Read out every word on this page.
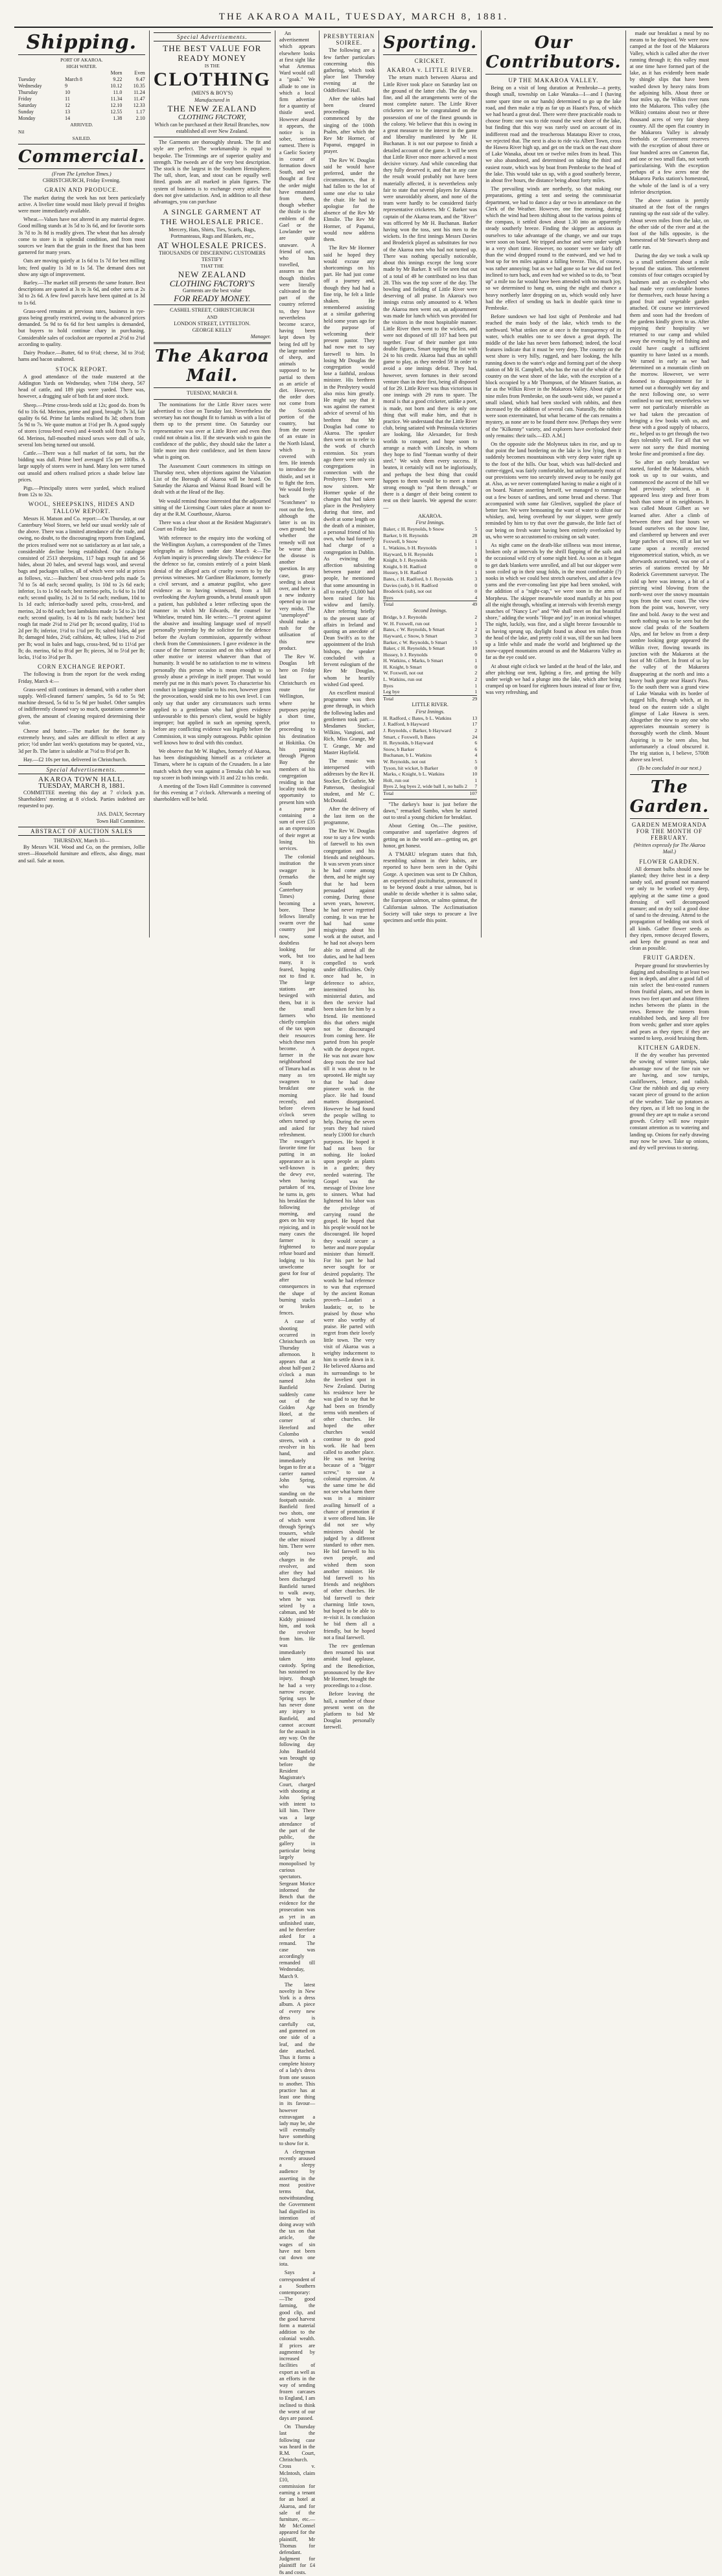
THE AKAROA MAIL, TUESDAY, MARCH 8, 1881.
Shipping.
PORT OF AKAROA.
HIGH WATER.
		Morn	Even
Tuesday	March 8	9.22	9.47
Wednesday	9	10.12	10.35
Thursday	10	11.0	11.24
Friday	11	11.34	11.47
Saturday	12	12.10	12.33
Sunday	13	12.55	1.17
Monday	14	1.38	2.10
ARRIVED.
Nil
SAILED.
Commercial.
(From The Lyttelton Times.)
CHRISTCHURCH, Friday Evening.
GRAIN AND PRODUCE.

The market during the week has not been particularly active. A livelier time would most likely prevail if freights were more immediately available.

Wheat.—Values have not altered in any material degree. Good milling stands at 3s 5d to 3s 6d, and for favorite sorts 3s 7d to 3s 8d is readily given. The wheat that has already come to store is in splendid condition, and from most sources we learn that the grain in the finest that has been garnered for many years.

Oats are moving quietly at 1s 6d to 1s 7d for best milling lots; feed quality 1s 3d to 1s 5d. The demand does not show any sign of improvement.

Barley.—The market still presents the same feature. Best descriptions are quoted at 3s to 3s 6d, and other sorts at 2s 3d to 2s 6d. A few fowl parcels have been quitted at 1s 3d to 1s 6d.

Grass-seed remains at previous rates, business in rye-grass being greatly restricted, owing to the advanced prices demanded. 5s 9d to 6s 6d for best samples is demanded, but buyers to hold continue chary in purchasing. Considerable sales of cocksfoot are reported at 2½d to 2¾d according to quality.

Dairy Produce.—Butter, 6d to 6½d; cheese, 3d to 3½d; hams and bacon unaltered.

STOCK REPORT.

A good attendance of the trade mustered at the Addington Yards on Wednesday, when 7184 sheep, 567 head of cattle, and 189 pigs were yarded. There was, however, a dragging sale of both fat and store stock.

Sheep.—Prime cross-breds sold at 12s; good do. from 9s 6d to 10s 6d. Merinos, prime and good, brought 7s 3d, fair quality 6s 6d. Prime fat lambs realised 8s 3d; others from 5s 9d to 7s. We quote mutton at 1½d per lb. A good supply of stores (cross-bred ewes) and 4-tooth sold from 7s to 7s 6d. Merinos, full-mouthed mixed sexes were dull of sale, several lots being turned out unsold.

Cattle.—There was a full market of fat sorts, but the bidding was dull. Prime beef averaged 15s per 100lbs. A large supply of stores were in hand. Many lots were turned out unsold and others realised prices a shade below late prices.

Pigs.—Principally stores were yarded, which realised from 12s to 32s.

WOOL, SHEEPSKINS, HIDES AND TALLOW REPORT.

Messrs H. Matson and Co. report:—On Thursday, at our Canterbury Wool Stores, we held our usual weekly sale of the above. There was a limited attendance of the trade, and owing, no doubt, to the discouraging reports from England, the prices realised were not so satisfactory as at last sale, a considerable decline being established. Our catalogue consisted of 2513 sheepskins, 117 bags rough fat and 56 hides, about 20 bales, and several bags wool, and several bags and packages tallow, all of which were sold at prices as follows, viz.:—Butchers' best cross-bred pelts made 5s 7d to 5s 4d each; second quality, 1s 10d to 2s 6d each; inferior, 1s to 1s 9d each; best merino pelts, 1s 6d to 1s 10d each; second quality, 1s 2d to 1s 5d each; medium, 10d to 1s 1d each; inferior-badly saved pelts, cross-bred, and merino, 2d to 8d each; best lambskins made 1s 5d to 2s 10d each; second quality, 1s 4d to 1s 8d each; butchers' best rough fat made 2½d to 2¾d per lb; second quality, 1½d to 2d per lb; inferior, 1½d to 1¾d per lb; salted hides, 4d per lb; damaged hides, 2¾d; calfskins, 4d; tallow, 1¾d to 2½d per lb; wool in bales and bags, cross-bred, 9d to 11½d per lb; do. merino, 6d to 8½d per lb; pieces, 3d to 5½d per lb; locks, 1½d to 3½d per lb.

CORN EXCHANGE REPORT.

The following is from the report for the week ending Friday, March 4:—

Grass-seed still continues in demand, with a rather short supply. Well-cleaned farmers' samples, 5s 6d to 5s 9d; machine dressed, 5s 6d to 5s 9d per bushel. Other samples of indifferently cleaned vary so much, quotations cannot be given, the amount of cleaning required determining their value.

Cheese and butter.—The market for the former is extremely heavy, and sales are difficult to effect at any price; ½d under last week's quotations may be quoted, viz., 3d per lb. The latter is saleable at 7½d to 8½d per lb.

Hay.—£2 10s per ton, delivered in Christchurch.

Special Advertisements.
AKAROA TOWN HALL.
TUESDAY, MARCH 8, 1881.

COMMITTEE meeting this day at 7 o'clock p.m. Shareholders' meeting at 8 o'clock. Parties indebted are requested to pay.

JAS. DALY, Secretary
Town Hall Committee.
ABSTRACT OF AUCTION SALES
THURSDAY, March 10—

By Messrs W.H. Wood and Co, on the premises, Jollie street—Household furniture and effects, also dingy, mast and sail. Sale at noon.

Special Advertisements.
THE BEST VALUE FOR READY MONEY
IS THE
CLOTHING
(MEN'S & BOY'S)
Manufactured in
THE NEW ZEALAND
CLOTHING FACTORY,
Which can be purchased at their Retail Branches, now established all over New Zealand.

The Garments are thoroughly shrunk. The fit and style are perfect. The workmanship is equal to bespoke. The Trimmings are of superior quality and strength. The tweeds are of the very best description. The stock is the largest in the Southern Hemisphere. The tall, short, lean, and stout can be equally well fitted. goods are all marked in plain figures. The system of business is to exchange every article that does not give satisfaction. And, in addition to all these advantages, you can purchase

A SINGLE GARMENT AT THE WHOLESALE PRICE.
Mercery, Hats, Shirts, Ties, Scarfs, Bags, Portmanteaus, Rugs and Blankets, etc.,
AT WHOLESALE PRICES.
THOUSANDS OF DISCERNING CUSTOMERS TESTIFY
THAT THE
NEW ZEALAND
CLOTHING FACTORY'S
Garments are the best value
FOR READY MONEY.
CASHEL STREET, CHRISTCHURCH
AND
LONDON STREET, LYTTELTON.
GEORGE KELLY
Manager.
The Akaroa Mail.
TUESDAY, MARCH 8.

The nominations for the Little River races were advertised to close on Tuesday last. Nevertheless the secretary has not thought fit to furnish us with a list of them up to the present time. On Saturday our representative was over at Little River and even then could not obtain a list. If the stewards wish to gain the confidence of the public, they should take the latter a little more into their confidence, and let them know what is going on.

The Assessment Court commences its sittings on Thursday next, when objections against the Valuation List of the Borough of Akaroa will be heard. On Saturday the Akaroa and Wainui Road Board will be dealt with at the Head of the Bay.

We would remind those interested that the adjourned sitting of the Licensing Court takes place at noon to-day at the R.M. Courthouse, Akaroa.

There was a clear shoot at the Resident Magistrate's Court on Friday last.

With reference to the enquiry into the working of the Wellington Asylum, a correspondent of the Times telegraphs as follows under date March 4:—The Asylum inquiry is proceeding slowly. The evidence for the defence so far, consists entirely of a point blank denial of the alleged acts of cruelty sworn to by the previous witnesses. Mr Gardiner Blackmore, formerly a civil servant, and a amateur pugilist, who gave evidence as to having witnessed, from a hill overlooking the Asylum grounds, a brutal assault upon a patient, has published a letter reflecting upon the manner in which Mr Edwards, the counsel for Whitelaw, treated him. He writes:—"I protest against the abusive and insulting language used of myself personally yesterday by the solicitor for the defence before the Asylum commission, apparently without check from the Commissioners. I gave evidence in the cause of the former occasion and on this without any other motive or interest whatever than that of humanity. It would be no satisfaction to me to witness personally this person who is mean enough to so grossly abuse a privilege in itself proper. That would merely put me in this man's power. To characterise his conduct in language similar to his own, however gross the provocation, would sink me to his own level. I can only say that under any circumstances such terms applied to a gentleman who had given evidence unfavourable to this person's client, would be highly improper; but applied in such an opening speech, before any conflicting evidence was legally before the Commission, it was simply outrageous. Public opinion well knows how to deal with this conduct.

We observe that Mr W. Hughes, formerly of Akaroa, has been distinguishing himself as a cricketer at Timaru, where he is captain of the Crusaders. In a late match which they won against a Temuka club he was top scorer in both innings with 31 and 22 to his credit.

A meeting of the Town Hall Committee is convened for this evening at 7 o'clock. Afterwards a meeting of shareholders will be held.

An advertisement which appears elsewhere looks at first sight like what Artemus Ward would call a "goak." We allude to one in which a local firm advertise for a quantity of thistle seed. However absurd it appears, the notice is in sober, serious earnest. There is a Gaelic Society in course of formation down South, and we thought at first the order might have emanated from them, though whether the thistle is the emblem of the Gael or the Lowlander we are quite unaware. A friend of ours, who has travelled, assures us that though thistles were literally cultivated in the part of the country referred to, they have nevertheless become scarce, having been kept down by being fed off by the large number of sheep, and animals supposed to be partial to them as an article of diet. However, the order does not come from the Scottish portion of the country, but from the owner of an estate in the North Island, which is covered with fern. He intends to introduce the thistle, and set it to fight the fern. We would freely back the "Scotchmen" to root out the fern, although the latter is on its own ground; but whether the remedy will not be worse than the disease is another question. In any case, grass-seeding is about over, and here is a new industry opened up in our very midst. The "unemployed" should make a rush for the utilisation of this new product.

The Rev W. Douglas left here on Friday last for Christchurch en route for Wellington, where he purposes paying a short time, prior to proceeding to his destination at Hokitika. On his passing through Pigeon Bay the members of his congregation residing in that locality took the opportunity to present him with a purse containing a sum of over £35 as an expression of their regret at losing his services.

The colonial institution the swagger is (remarks the South Canterbury Times) becoming a bore. These fellows literally swarm over the country just now, some doubtless looking for work, but too many, it is feared, hoping not to find it. The large stations are besieged with them, but it is the small farmers who chiefly complain of the tax upon their resources which these men become. A farmer in the neighbourhood of Timaru had as many as ten swagmen to breakfast one morning recently, and before eleven o'clock seven others turned up and asked for refreshment. The swagger's favorite time for putting in an appearance as is well-known is the dewy eve, when having partaken of tea, he turns in, gets his breakfast the following morning, and goes on his way rejoicing, and in many cases the farmer is frightened to refuse board and lodging to his unwelcome guest for fear of after consequences in the shape of burning stacks or broken fences.

A case of shooting occurred in Christchurch on Thursday afternoon. It appears that at about half-past 2 o'clock a man named John Banfield suddenly came out of the Golden Age Hotel, at the corner of Hereford and Colombo streets, with a revolver in his hand, and immediately began to fire at a carrier named John Spring, who was standing on the footpath outside. Banfield fired two shots, one of which went through Spring's trousers, while the other missed him. There were only two charges in the revolver, and after they had been discharged Banfield turned to walk away, when he was seized by a cabman, and Mr Kiddy pinioned him, and took the revolver from him. He was immediately taken into custody. Spring has sustained no injury, though he had a very narrow escape. Spring says he has never done any injury to Banfield, and cannot account for the assault in any way. On the following day John Banfield was brought up before the Resident Magistrate's Court, charged with shooting at John Spring with intent to kill him. There was a large attendance of the part of the public, the gallery in particular being largely monopolised by curious spectators. Sergeant Morice informed the Bench that the evidence for the prosecution was as yet in an unfinished state, and he therefore asked for a remand. The case was accordingly remanded till Wednesday, March 9.

The latest novelty in New York is a dress album. A piece of every new dress is carefully cut, and gummed on one side of a leaf, and the date attached. Thus it forms a complete history of a lady's dress from one season to another. This practice has at least one thing in its favour—however extravagant a lady may be, she will eventually have something to show for it.

A clergyman recently aroused a sleepy audience by asserting in the most positive terms that, notwithstanding the Government had dignified its intention of doing away with the tax on that article, the wages of sin have not been cut down one iota.

Says a correspondent of a Southern contemporary:—The good farming, the good clip, and the good harvest form a material addition to the colonial wealth. If prices are augmented by increased facilities of export as well as an efforts in the way of sending frozen carcases to England, I am inclined to think the worst of our days are passed.

On Thursday last the following case was heard in the R.M. Court, Christchurch. Cross v. McIntosh, claim £10, commission for earning a tenant for an hotel at Akaroa, and for sale of the furniture, etc.—Mr McConnel appeared for the plaintiff, Mr Thomas for defendant. Judgment for plaintiff for £4 8s and costs.

PRESBYTERIAN SOIREE.

The following are a few farther particulars concerning this gathering, which took place last Thursday evening at the Oddfellows' Hall.

After the tables had been cleared proceedings commenced by the singing of the 100th Psalm, after which the Rev Mr Hormer, of Papanui, engaged in prayer.

The Rev W. Douglas said he would have preferred, under the circumstances, that it had fallen to the lot of some one else to take the chair. He had to apologise for the absence of the Rev Mr Elmslie. The Rev Mr Hormer, of Papanui, would now address them.

The Rev Mr Hormer said he hoped they would excuse any shortcomings on his part. He had just come off a journey and, though they had had a fine trip, he felt a little shaken. He remembered assisting at a similar gathering held some years ago for the purpose of welcoming their present pastor. They had now met to say farewell to him. In losing Mr Douglas the congregation would lose a faithful, zealous minister. His brethren in the Presbytery would also miss him greatly. He might say that it was against the earnest advice of several of his brethren that Mr Douglas had come to Akaroa. The speaker then went on to refer to the work of church extension. Six years ago there were only six congregations in connection with the Presbytery. There were now sixteen. Mr Hormer spoke of the changes that had taken place in the Presbytery during that time, and dwelt at some length on the death of a minister, a personal friend of his own, who had formerly had charge of a congregation in Dublin. As evincing the affection subsisting between pastor and people, he mentioned that some amounting in all to nearly £3,000 had been raised for his widow and family. After referring briefly to the present state of affairs in Ireland and quoting an anecdote of Dean Swift's as to the appointment of the Irish bishops, the speaker concluded with a fervent eulogium of the Rev Mr Douglas, whom he heartily wished God speed.

An excellent musical programme was then gone through, in which the following ladies and gentlemen took part:—Mesdames Stocker, Wilkins, Vangioni, and Rich, Miss Grange, Mr T. Grange, Mr and Master Hayfield.

The music was interspersed with addresses by the Rev H. Stocker, Dr Guthrie, Mr Patterson, theological student, and Mr C. McDonald.

After the delivery of the last item on the programme,

The Rev W. Douglas rose to say a few words of farewell to his own congregation and his friends and neighbours. It was seven years since he had come among them, and he might say that he had been persuaded against coming. During those seven years, however, he had never regretted coming. It was true he had had some misgivings about his work at the outset, and he had not always been able to attend all the duties, and he had been compelled to work under difficulties. Only once had he, in deference to advice, intermitted his ministerial duties, and then the service had been taken for him by a friend. He mentioned this that others might not be discouraged from coming here. He parted from his people with the deepest regret. He was not aware how deep roots the tree had till it was about to be uprooted. He might say that he had done pioneer work in the place. He had found matters disorganised. However he had found the people willing to help. During the seven years they had raised nearly £1000 for church purposes. He hoped it had not been for nothing. He looked upon people as plants in a garden; they needed watering. The Gospel was the message of Divine love to sinners. What had lightened his labor was the privilege of carrying round the gospel. He hoped that his people would not be discouraged. He hoped they would secure a better and more popular minister than himself. For his part he had never sought for or desired popularity. The words he had reference to was that expressed by the ancient Roman proverb—Laudari a laudatis; or, to be praised by those who were also worthy of praise. He parted with regret from their lovely little town. The very visit of Akaroa was a weighty inducement to him to settle down in it. He believed Akaroa and its surroundings to be the loveliest spot in New Zealand. During his residence here he was glad to say that he had been on friendly terms with members of other churches. He hoped the other churches would continue to do good work. He had been called to another place. He was not leaving because of a "bigger screw," to use a colonial expression. At the same time he did not see what harm there was in a minister availing himself of a chance of promotion if it were offered him. He did not see why ministers should be judged by a different standard to other men. He bid farewell to his own people, and wished them soon another minister. He bid farewell to his friends and neighbors of other churches. He bid farewell to their charming little town, but hoped to be able to re-visit it. In conclusion he bid them all a friendly, but he hoped not a final farewell.

The rev gentleman then resumed his seat amidst loud applause, and the Benediction, pronounced by the Rev Mr Hormer, brought the proceedings to a close.

Before leaving the hall, a number of those present went on the platform to bid Mr Douglas personally farewell.

Sporting.
CRICKET.
AKAROA v. LITTLE RIVER.

The return match between Akaroa and Little River took place on Saturday last on the ground of the latter club. The day was fine, and all the arrangements were of the most complete nature. The Little River cricketers are to be congratulated on the possession of one of the finest grounds in the colony. We believe that this is owing in a great measure to the interest in the game and liberality manifested by Mr H. Buchanan. It is not our purpose to finish a detailed account of the game. It will be seen that Little River once more achieved a most decisive victory. And while conceding that they fully deserved it, and that in any case the result would probably not have been materially affected, it is nevertheless only fair to state that several players for Akaroa were unavoidably absent, and none of the team were hardly to be considered fairly representative cricketers. Mr C Barker was captain of the Akaroa team, and the "River" was officered by Mr H. Buchanan. Barker having won the toss, sent his men to the wickets. In the first innings Messrs Davies and Broderick played as substitutes for two of the Akaroa men who had not turned up. There was nothing specially noticeable, about this innings except the long score made by Mr Barker. It will be seen that out of a total of 49 he contributed no less than 28. This was the top score of the day. The bowling and fielding of Little River were deserving of all praise. In Akaroa's two innings extras only amounted to 4. When the Akaroa men went out, an adjournment was made for lunch which was provided for the visitors in the most hospitable manner. Little River then went to the wickets, and were not disposed of till 107 had been put together. Four of their number got into double figures, Smart topping the list with 24 to his credit. Akaroa had thus an uphill game to play, as they needed 59 in order to avoid a one innings defeat. They had, however, seven fortunes in their second venture than in their first, being all disposed of for 29. Little River was thus victorious in one innings with 29 runs to spare. The moral is that a good cricketer, unlike a poet, is made, not born and there is only one thing that will make him, and that is practice. We understand that the Little River club, being satiated with Peninsula victories are looking, like Alexander, for fresh worlds to conquer, and hope soon to arrange a match with Lincoln, in whom they hope to find "foeman worthy of their steel." We wish them every success. If beaten, it certainly will not be ingloriously, and perhaps the best thing that could happen to them would be to meet a team strong enough to "put them through," or there is a danger of their being content to rest on their laurels. We append the score:—

AKAROA.
First Innings.
Baker, c H. Reynolds, b Snow	5
Barker, b H. Reynolds	28
Foxwell, b Snow	1
L. Watkins, b H. Reynolds	1
Hayward, b H. Reynolds	1
Knight, b J. Reynolds	0
Knight, b H. Radford	0
Hussey, b H. Radford	1
Bates, c H. Radford, b J. Reynolds	3
Davies (sub), b H. Radford	0
Broderick (sub), not out	0
Byes	4
Total	49
Second Innings.
Bridge, b J. Reynolds	2
W. H. Foxwell, run out	1
Bates, c W. Reynolds, b Smart	2
Hayward, c Snow, b Smart	3
Barker, c W. Reynolds, b Smart	5
Baker, c H. Reynolds, b Smart	10
Hussey, b J. Reynolds	0
H. Watkins, c Marks, b Smart	1
H. Knight, b Smart	0
W. Foxwell, not out	2
L. Watkins, run out	2
Byes	1
Leg bye	1
Total	29
LITTLE RIVER.
First Innings.
H. Radford, c Bates, b L. Watkins	13
J. Radford, b Hayward	17
J. Reynolds, c Barker, b Hayward	2
Smart, c Foxwell, b Bates	24
H. Reynolds, b Hayward	6
Snow, b Barker	6
Buchanan, b L. Watkins	4
W. Reynolds, not out	5
Tyson, hit wicket, b Barker	0
Marks, c Knight, b L. Watkins	10
Holt, run out	1
Byes 2, leg byes 2, wide ball 1, no balls 2	7
Total	107

"The darkey's hour is just before the dawn," remarked Sambo, when he started out to steal a young chicken for breakfast.

About Getting On.—The positive, comparative and superlative degrees of getting on in the world are—getting on, get honor, get honest.

A T'MARU telegram states that fish, resembling salmon in their habits, are reported to have been seen in the Opihi Gorge. A specimen was sent to Dr Chilton, an experienced piscitulturist, pronounced it to be beyond doubt a true salmon, but is unable to decide whether it is salmo salar, the European salmon, or salmo quinnat, the Californian salmon. The Acclimatisation Society will take steps to procure a live specimen and settle this point.

Our Contributors.
UP THE MAKAROA VALLEY.

Being on a visit of long duration at Pembroke—a pretty, though small, township on Lake Wanaka—I—and I (having some spare time on our hands) determined to go up the lake road, and then make a trip as far up as Haast's Pass, of which we had heard a great deal. There were three practicable roads to choose from: one was to ride round the west shore of the lake, but finding that this way was rarely used on account of its indifferent road and the treacherous Matatapu River to cross, we rejected that. The next is also to ride via Albert Town, cross the Hawea River high up, and get on the track on the east shore of Lake Wanaka, about ten or twelve miles from its head. This we also abandoned, and determined on taking the third and easiest route, which was by boat from Pembroke to the head of the lake. This would take us up, with a good southerly breeze, in about five hours, the distance being about forty miles.

The prevailing winds are northerly, so that making our preparations, getting a tent and seeing the commissariat department, we had to dance a day or two in attendance on the Clerk of the Weather. However, one fine morning, during which the wind had been shifting about to the various points of the compass, it settled down about 1.30 into an apparently steady southerly breeze. Finding the skipper as anxious as ourselves to take advantage of the change, we and our traps were soon on board. We tripped anchor and were under weigh in a very short time. However, no sooner were we fairly off than the wind dropped round to the eastward, and we had to beat up for ten miles against a falling breeze. This, of course, was rather annoying; but as we had gone so far we did not feel inclined to turn back, and even had we wished so to do, to "beat up" a mile too far would have been attended with too much joy, so we determined to hang on, using the night and chance a heavy northerly later dropping on us, which would only have had the effect of sending us back in double quick time to Pembroke.

Before sundown we had lost sight of Pembroke and had reached the main body of the lake, which tends to the northward. What strikes one at once is the transparency of its water, which enables one to see down a great depth. The middle of the lake has never been fathomed; indeed, the local features indicate that it must be very deep. The country on the west shore is very hilly, rugged, and bare looking, the hills running down to the water's edge and forming part of the sheep station of Mr H. Campbell, who has the run of the whole of the country on the west shore of the lake, with the exception of a block occupied by a Mr Thompson, of the Minaret Station, as far as the Wilkin River in the Makarora Valley. About eight or nine miles from Pembroke, on the south-west side, we passed a small island, which had been stocked with rabbits, and then increased by the addition of several cats. Naturally, the rabbits were soon exterminated, but what became of the cats remains a mystery, as none are to be found there now. [Perhaps they were of the "Kilkenny" variety, and explorers have overlooked their only remains: their tails.—ED. A.M.]

On the opposite side the Molyneux takes its rise, and up to that point the land bordering on the lake is low lying, then it suddenly becomes mountainous with very deep water right up to the foot of the hills. Our boat, which was half-decked and cutter-rigged, was fairly comfortable, but unfortunately most of our provisions were too securely stowed away to be easily got at. Also, as we never contemplated having to make a night of it on board. Nature asserting herself, we managed to rummage out a few boxes of sardines, and some bread and cheese. That accompanied with some fair Glenlivet, supplied the place of better fare. We were bemoaning the want of water to dilute our whiskey, and, being overheard by our skipper, were gently reminded by him to try that over the gunwale, the little fact of our being on fresh water having been entirely overlooked by us, who were so accustomed to cruising on salt water.

As night came on the death-like stillness was most intense, broken only at intervals by the shrill flapping of the sails and the occasional wild cry of some night bird. As soon as it began to get dark blankets were unrolled, and all but our skipper were soon coiled up in their snug folds, in the most comfortable (?) nooks in which we could best stretch ourselves, and after a few yarns and the ever-consoling last pipe had been smoked, with the addition of a "night-cap," we were soon in the arms of Morpheus. The skipper meanwhile stood manfully at his post all the night through, whistling at intervals with feverish energy snatches of "Nancy Lee" and "We shall meet on that beautiful shore," adding the words "Hope and joy" in an ironical whisper. The night, luckily, was fine, and a slight breeze favourable to us having sprung up, daylight found us about ten miles from the head of the lake, and pretty cold it was, till the sun had been up a little while and made the world and brightened up the snow-capped mountains around us and the Makarora Valley as far as the eye could see.

At about eight o'clock we landed at the head of the lake, and after pitching our tent, lighting a fire, and getting the billy under weigh we had a plunge into the lake, which after being cramped up on board for eighteen hours instead of four or five, was very refreshing, and

made our breakfast a meal by no means to be despised. We were now camped at the foot of the Makarora Valley, which is called after the river running through it; this valley must at one time have formed part of the lake, as it has evidently been made by shingle slips that have been washed down by heavy rains from the adjoining hills. About three or four miles up, the Wilkin river runs into the Makarora. This valley (the Wilkin) contains about two or three thousand acres of very fair sheep country. All the open flat country in the Makarora Valley is already freeholds or Government reserves with the exception of about three or four hundred acres on Cameron flat, and one or two small flats, not worth particularising. With the exception perhaps of a few acres near the Makarora Parks station's homestead, the whole of the land is of a very inferior description.

The above station is prettily situated at the foot of the ranges running up the east side of the valley. About seven miles from the lake, on the other side of the river and at the foot of the hills opposite, is the homestead of Mr Stewart's sheep and cattle run.

During the day we took a walk up to a small settlement about a mile beyond the station. This settlement consists of four cottages occupied by bushmen and an ex-shepherd who had made very comfortable homes for themselves, each house having a good fruit and vegetable garden attached. Of course we interviewed them and soon had the freedom of the gardens kindly given to us. After enjoying their hospitality we returned to our camp and whiled away the evening by eel fishing and could have caught a sufficient quantity to have lasted us a month. We turned in early as we had determined on a mountain climb on the morrow. However, we were doomed to disappointment for it turned out a thoroughly wet day and the next following one, so were confined to our tent; nevertheless we were not particularly miserable as we had taken the precaution of bringing a few books with us, and these with a good supply of tobacco, etc., helped us to get through the two days tolerably well. For all that we were not sorry the third morning broke fine and promised a fine day.

So after an early breakfast we started, forded the Makarora, which took us up to our waists, and commenced the ascent of the hill we had previously selected, as it appeared less steep and freer from bush than some of its neighbours. It was called Mount Gilbert as we learned after. After a climb of between three and four hours we found ourselves on the snow line, and clambered up between and over large patches of snow, till at last we came upon a recently erected trigonometrical station, which, as we afterwards ascertained, was one of a series of stations erected by Mr Roderick Government surveyor. The cold up here was intense, a bit of a piercing wind blowing from the north-west over the snowy mountain tops from the west coast. The view from the point was, however, very fine and bold. Away to the west and north nothing was to be seen but the snow clad peaks of the Southern Alps, and far below us from a deep sombre looking gorge appeared the Wilkin river, flowing towards its junction with the Makarora at the foot of Mt Gilbert. In front of us lay the valley of the Makarora disappearing at the north and into a heavy bush gorge near Haast's Pass. To the south there was a grand view of Lake Wanaka with its border of rugged hills, through which, at its head on the eastern side a slight glimpse of Lake Hawea is seen. Altogether the view to any one who appreciates mountain scenery is thoroughly worth the climb. Mount Aspiring is to be seen also, but unfortunately a cloud obscured it. The trig station is, I believe, 5700ft above sea level.

(To be concluded in our next.)
The Garden.
GARDEN MEMORANDA FOR THE MONTH OF FEBRUARY.
(Written expressly for The Akaroa Mail.)
FLOWER GARDEN.

All dormant bulbs should now be planted; they thrive best in a deep sandy soil, and ground not manured or only to be worked very deep, applying at the same time a good dressing of well decomposed manure; and on dry soil a good dose of sand to the dressing. Attend to the propagation of bedding out stock of all kinds. Gather flower seeds as they ripen, remove decayed flowers, and keep the ground as neat and clean as possible.

FRUIT GARDEN.

Prepare ground for strawberries by digging and subsoiling to at least two feet in depth, and after a good fall of rain select the best-rooted runners from fruitful plants, and set them in rows two feet apart and about fifteen inches between the plants in the rows. Remove the runners from established beds, and keep all free from weeds; gather and store apples and pears as they ripen; if they are wanted to keep, avoid bruising them.

KITCHEN GARDEN.

If the dry weather has prevented the sowing of winter turnips, take advantage now of the fine rain we are having, and sow turnips, cauliflowers, lettuce, and radish. Clear the rubbish and dig up every vacant piece of ground to the action of the weather. Take up potatoes as they ripen, as if left too long in the ground they are apt to make a second growth. Celery will now require constant attention as to watering and landing up. Onions for early drawing may now be sown. Take up onions, and dry well previous to storing.
